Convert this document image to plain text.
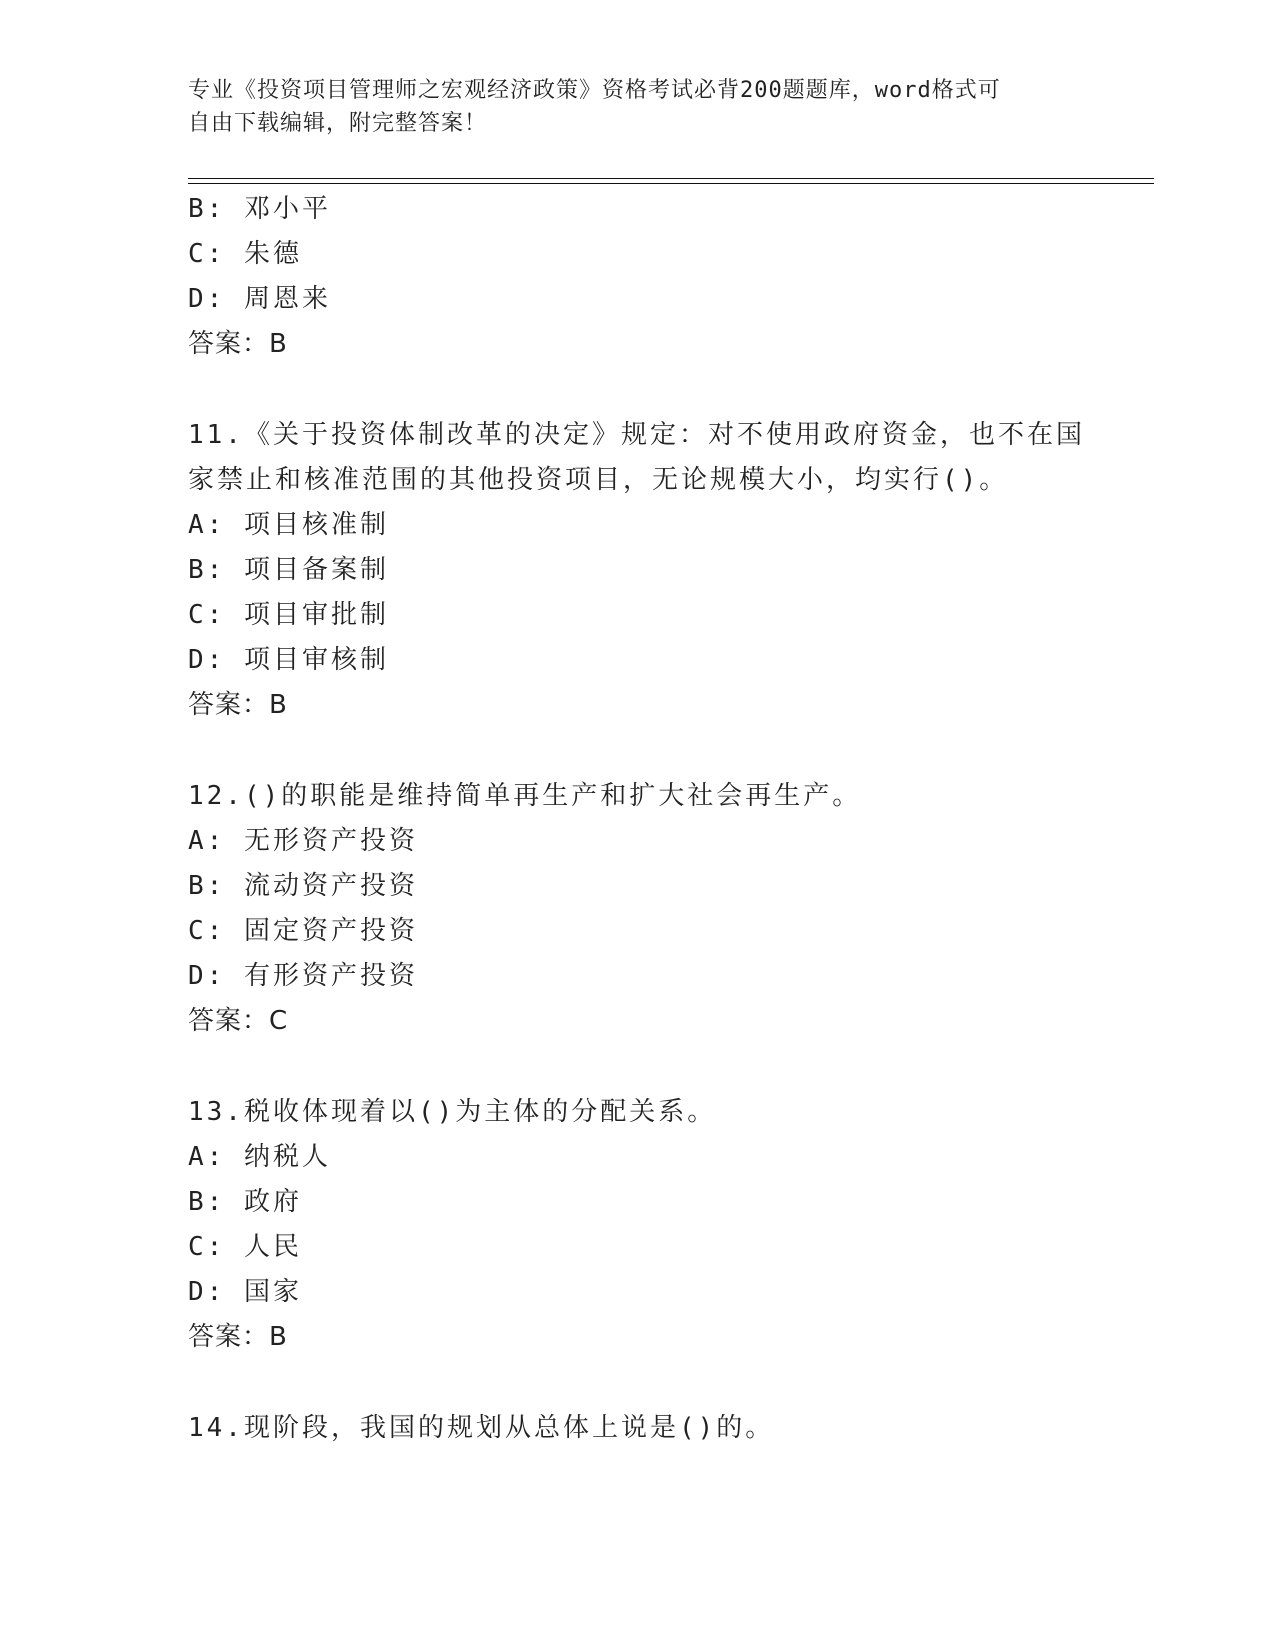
专业《投资项目管理师之宏观经济政策》资格考试必背200题题库，word格式可
自由下载编辑，附完整答案！
B: 邓小平
C: 朱德
D: 周恩来
答案：B
11.《关于投资体制改革的决定》规定：对不使用政府资金，也不在国
家禁止和核准范围的其他投资项目，无论规模大小，均实行()。
A: 项目核准制
B: 项目备案制
C: 项目审批制
D: 项目审核制
答案：B
12.()的职能是维持简单再生产和扩大社会再生产。
A: 无形资产投资
B: 流动资产投资
C: 固定资产投资
D: 有形资产投资
答案：C
13.税收体现着以()为主体的分配关系。
A: 纳税人
B: 政府
C: 人民
D: 国家
答案：B
14.现阶段，我国的规划从总体上说是()的。
